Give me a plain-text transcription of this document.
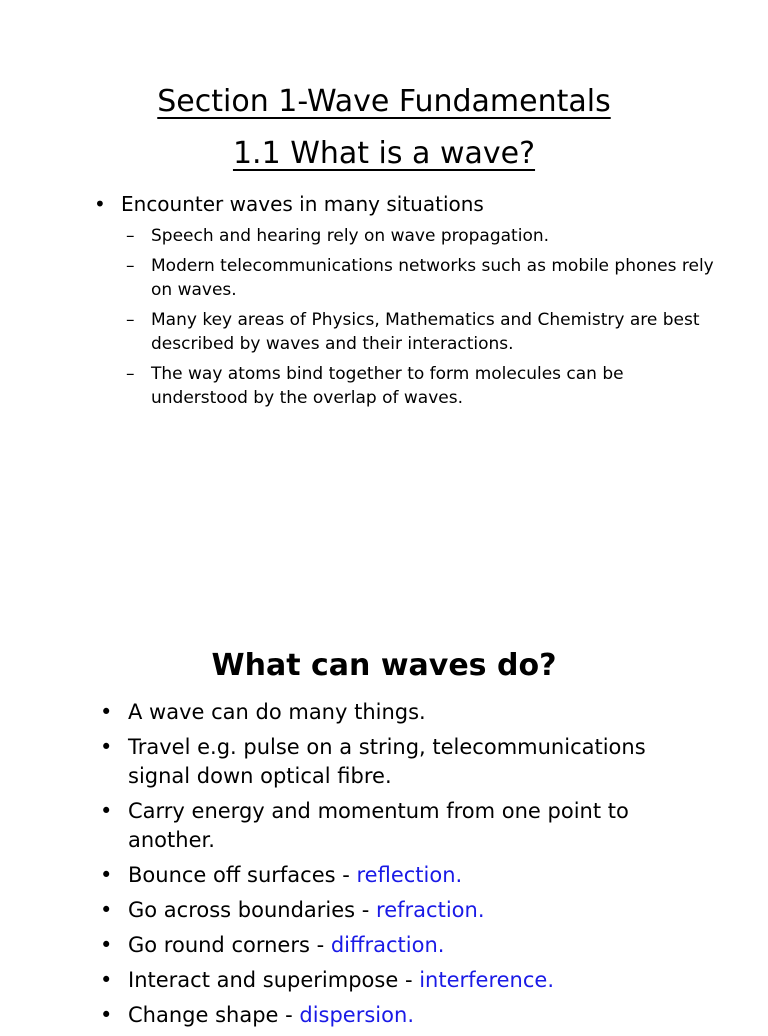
Section 1-Wave Fundamentals
1.1 What is a wave?
• Encounter waves in many situations
– Speech and hearing rely on wave propagation.
– Modern telecommunications networks such as mobile phones rely on waves.
– Many key areas of Physics, Mathematics and Chemistry are best described by waves and their interactions.
– The way atoms bind together to form molecules can be understood by the overlap of waves.
What can waves do?
• A wave can do many things.
• Travel e.g. pulse on a string, telecommunications signal down optical fibre.
• Carry energy and momentum from one point to another.
• Bounce off surfaces - reflection.
• Go across boundaries - refraction.
• Go round corners - diffraction.
• Interact and superimpose - interference.
• Change shape - dispersion.
